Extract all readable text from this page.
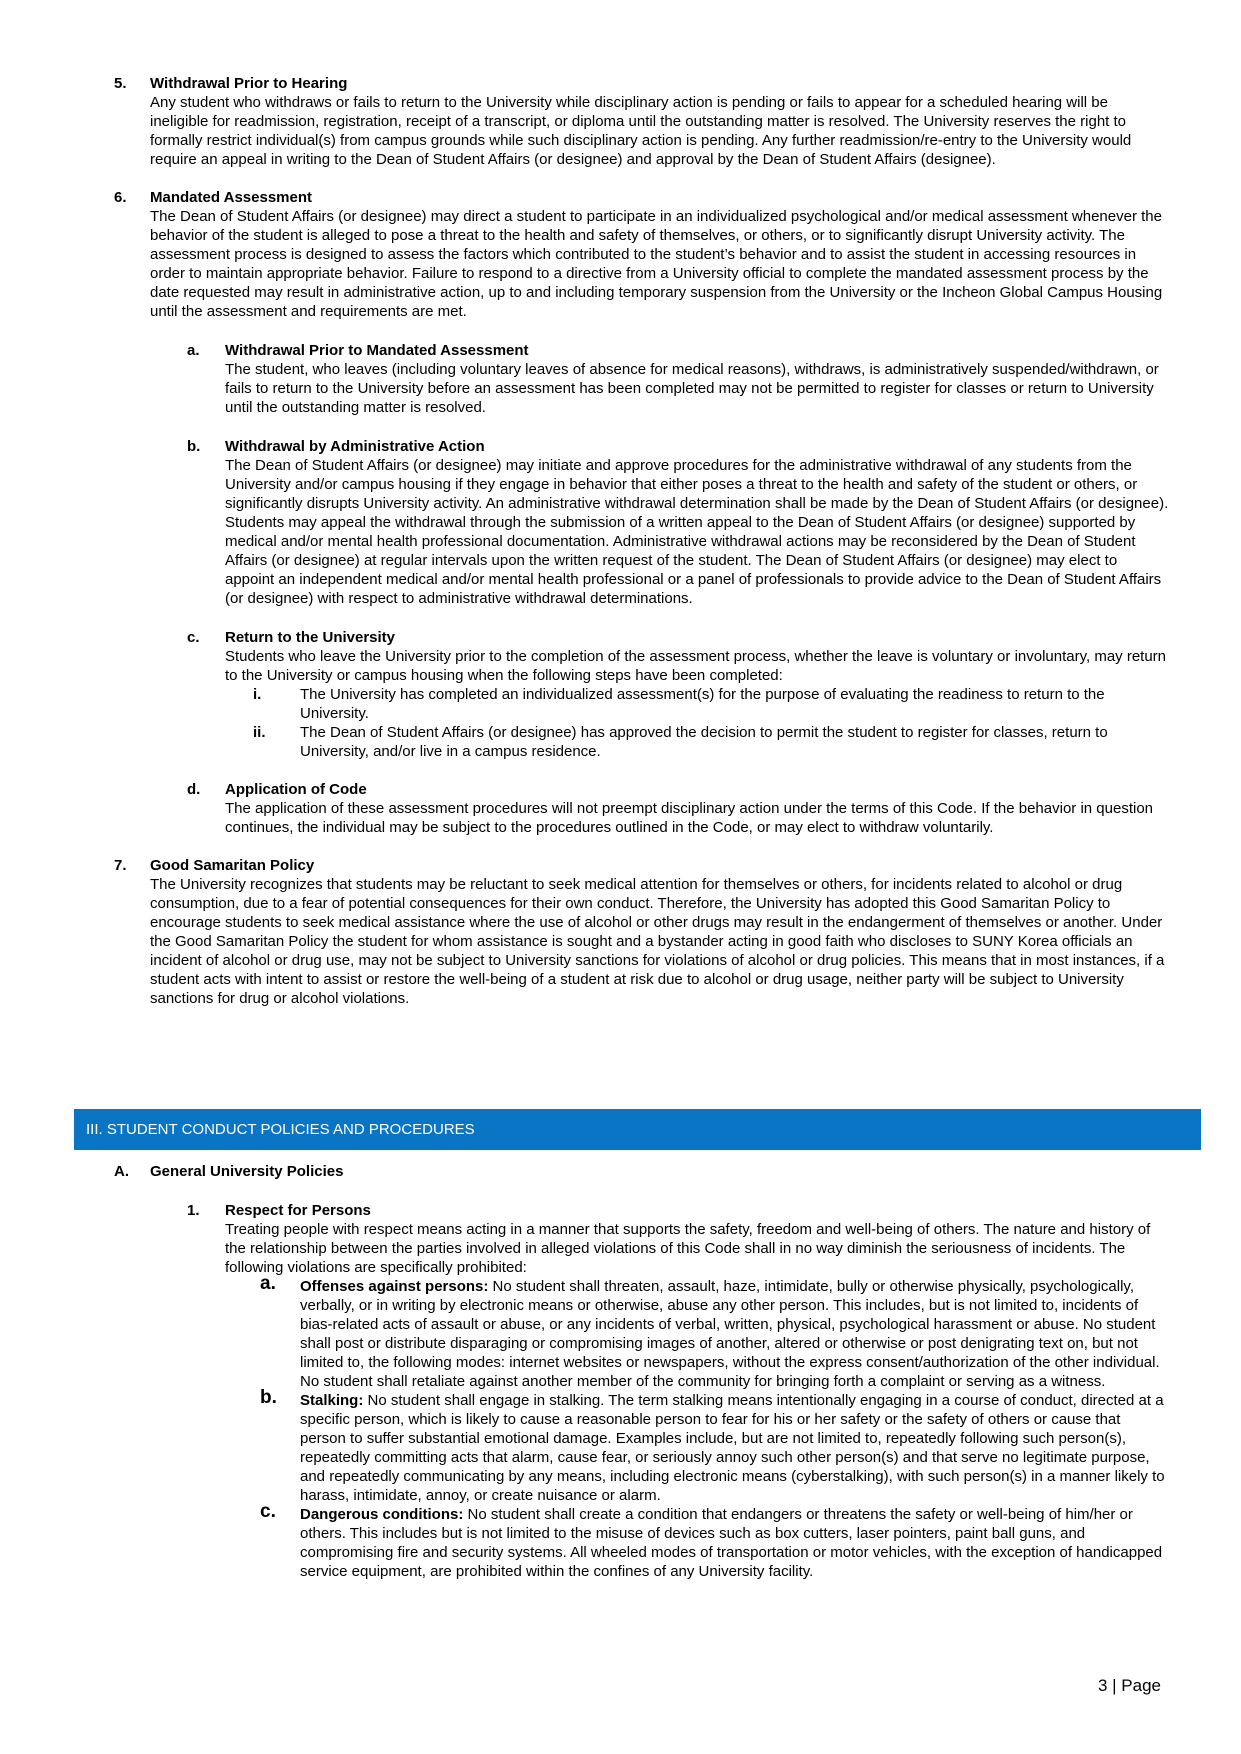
5. Withdrawal Prior to Hearing
Any student who withdraws or fails to return to the University while disciplinary action is pending or fails to appear for a scheduled hearing will be ineligible for readmission, registration, receipt of a transcript, or diploma until the outstanding matter is resolved. The University reserves the right to formally restrict individual(s) from campus grounds while such disciplinary action is pending. Any further readmission/re-entry to the University would require an appeal in writing to the Dean of Student Affairs (or designee) and approval by the Dean of Student Affairs (designee).
6. Mandated Assessment
The Dean of Student Affairs (or designee) may direct a student to participate in an individualized psychological and/or medical assessment whenever the behavior of the student is alleged to pose a threat to the health and safety of themselves, or others, or to significantly disrupt University activity. The assessment process is designed to assess the factors which contributed to the student’s behavior and to assist the student in accessing resources in order to maintain appropriate behavior. Failure to respond to a directive from a University official to complete the mandated assessment process by the date requested may result in administrative action, up to and including temporary suspension from the University or the Incheon Global Campus Housing until the assessment and requirements are met.
a. Withdrawal Prior to Mandated Assessment
The student, who leaves (including voluntary leaves of absence for medical reasons), withdraws, is administratively suspended/withdrawn, or fails to return to the University before an assessment has been completed may not be permitted to register for classes or return to University until the outstanding matter is resolved.
b. Withdrawal by Administrative Action
The Dean of Student Affairs (or designee) may initiate and approve procedures for the administrative withdrawal of any students from the University and/or campus housing if they engage in behavior that either poses a threat to the health and safety of the student or others, or significantly disrupts University activity. An administrative withdrawal determination shall be made by the Dean of Student Affairs (or designee). Students may appeal the withdrawal through the submission of a written appeal to the Dean of Student Affairs (or designee) supported by medical and/or mental health professional documentation. Administrative withdrawal actions may be reconsidered by the Dean of Student Affairs (or designee) at regular intervals upon the written request of the student. The Dean of Student Affairs (or designee) may elect to appoint an independent medical and/or mental health professional or a panel of professionals to provide advice to the Dean of Student Affairs (or designee) with respect to administrative withdrawal determinations.
c. Return to the University
Students who leave the University prior to the completion of the assessment process, whether the leave is voluntary or involuntary, may return to the University or campus housing when the following steps have been completed:
i.	The University has completed an individualized assessment(s) for the purpose of evaluating the readiness to return to the University.
ii. The Dean of Student Affairs (or designee) has approved the decision to permit the student to register for classes, return to University, and/or live in a campus residence.
d. Application of Code
The application of these assessment procedures will not preempt disciplinary action under the terms of this Code. If the behavior in question continues, the individual may be subject to the procedures outlined in the Code, or may elect to withdraw voluntarily.
7. Good Samaritan Policy
The University recognizes that students may be reluctant to seek medical attention for themselves or others, for incidents related to alcohol or drug consumption, due to a fear of potential consequences for their own conduct. Therefore, the University has adopted this Good Samaritan Policy to encourage students to seek medical assistance where the use of alcohol or other drugs may result in the endangerment of themselves or another. Under the Good Samaritan Policy the student for whom assistance is sought and a bystander acting in good faith who discloses to SUNY Korea officials an incident of alcohol or drug use, may not be subject to University sanctions for violations of alcohol or drug policies. This means that in most instances, if a student acts with intent to assist or restore the well-being of a student at risk due to alcohol or drug usage, neither party will be subject to University sanctions for drug or alcohol violations.
III. STUDENT CONDUCT POLICIES AND PROCEDURES
A. General University Policies
1. Respect for Persons
Treating people with respect means acting in a manner that supports the safety, freedom and well-being of others. The nature and history of the relationship between the parties involved in alleged violations of this Code shall in no way diminish the seriousness of incidents. The following violations are specifically prohibited:
a. Offenses against persons: No student shall threaten, assault, haze, intimidate, bully or otherwise physically, psychologically, verbally, or in writing by electronic means or otherwise, abuse any other person. This includes, but is not limited to, incidents of bias-related acts of assault or abuse, or any incidents of verbal, written, physical, psychological harassment or abuse. No student shall post or distribute disparaging or compromising images of another, altered or otherwise or post denigrating text on, but not limited to, the following modes: internet websites or newspapers, without the express consent/authorization of the other individual. No student shall retaliate against another member of the community for bringing forth a complaint or serving as a witness.
b. Stalking: No student shall engage in stalking. The term stalking means intentionally engaging in a course of conduct, directed at a specific person, which is likely to cause a reasonable person to fear for his or her safety or the safety of others or cause that person to suffer substantial emotional damage. Examples include, but are not limited to, repeatedly following such person(s), repeatedly committing acts that alarm, cause fear, or seriously annoy such other person(s) and that serve no legitimate purpose, and repeatedly communicating by any means, including electronic means (cyberstalking), with such person(s) in a manner likely to harass, intimidate, annoy, or create nuisance or alarm.
c. Dangerous conditions: No student shall create a condition that endangers or threatens the safety or well-being of him/her or others. This includes but is not limited to the misuse of devices such as box cutters, laser pointers, paint ball guns, and compromising fire and security systems. All wheeled modes of transportation or motor vehicles, with the exception of handicapped service equipment, are prohibited within the confines of any University facility.
3 | Page
